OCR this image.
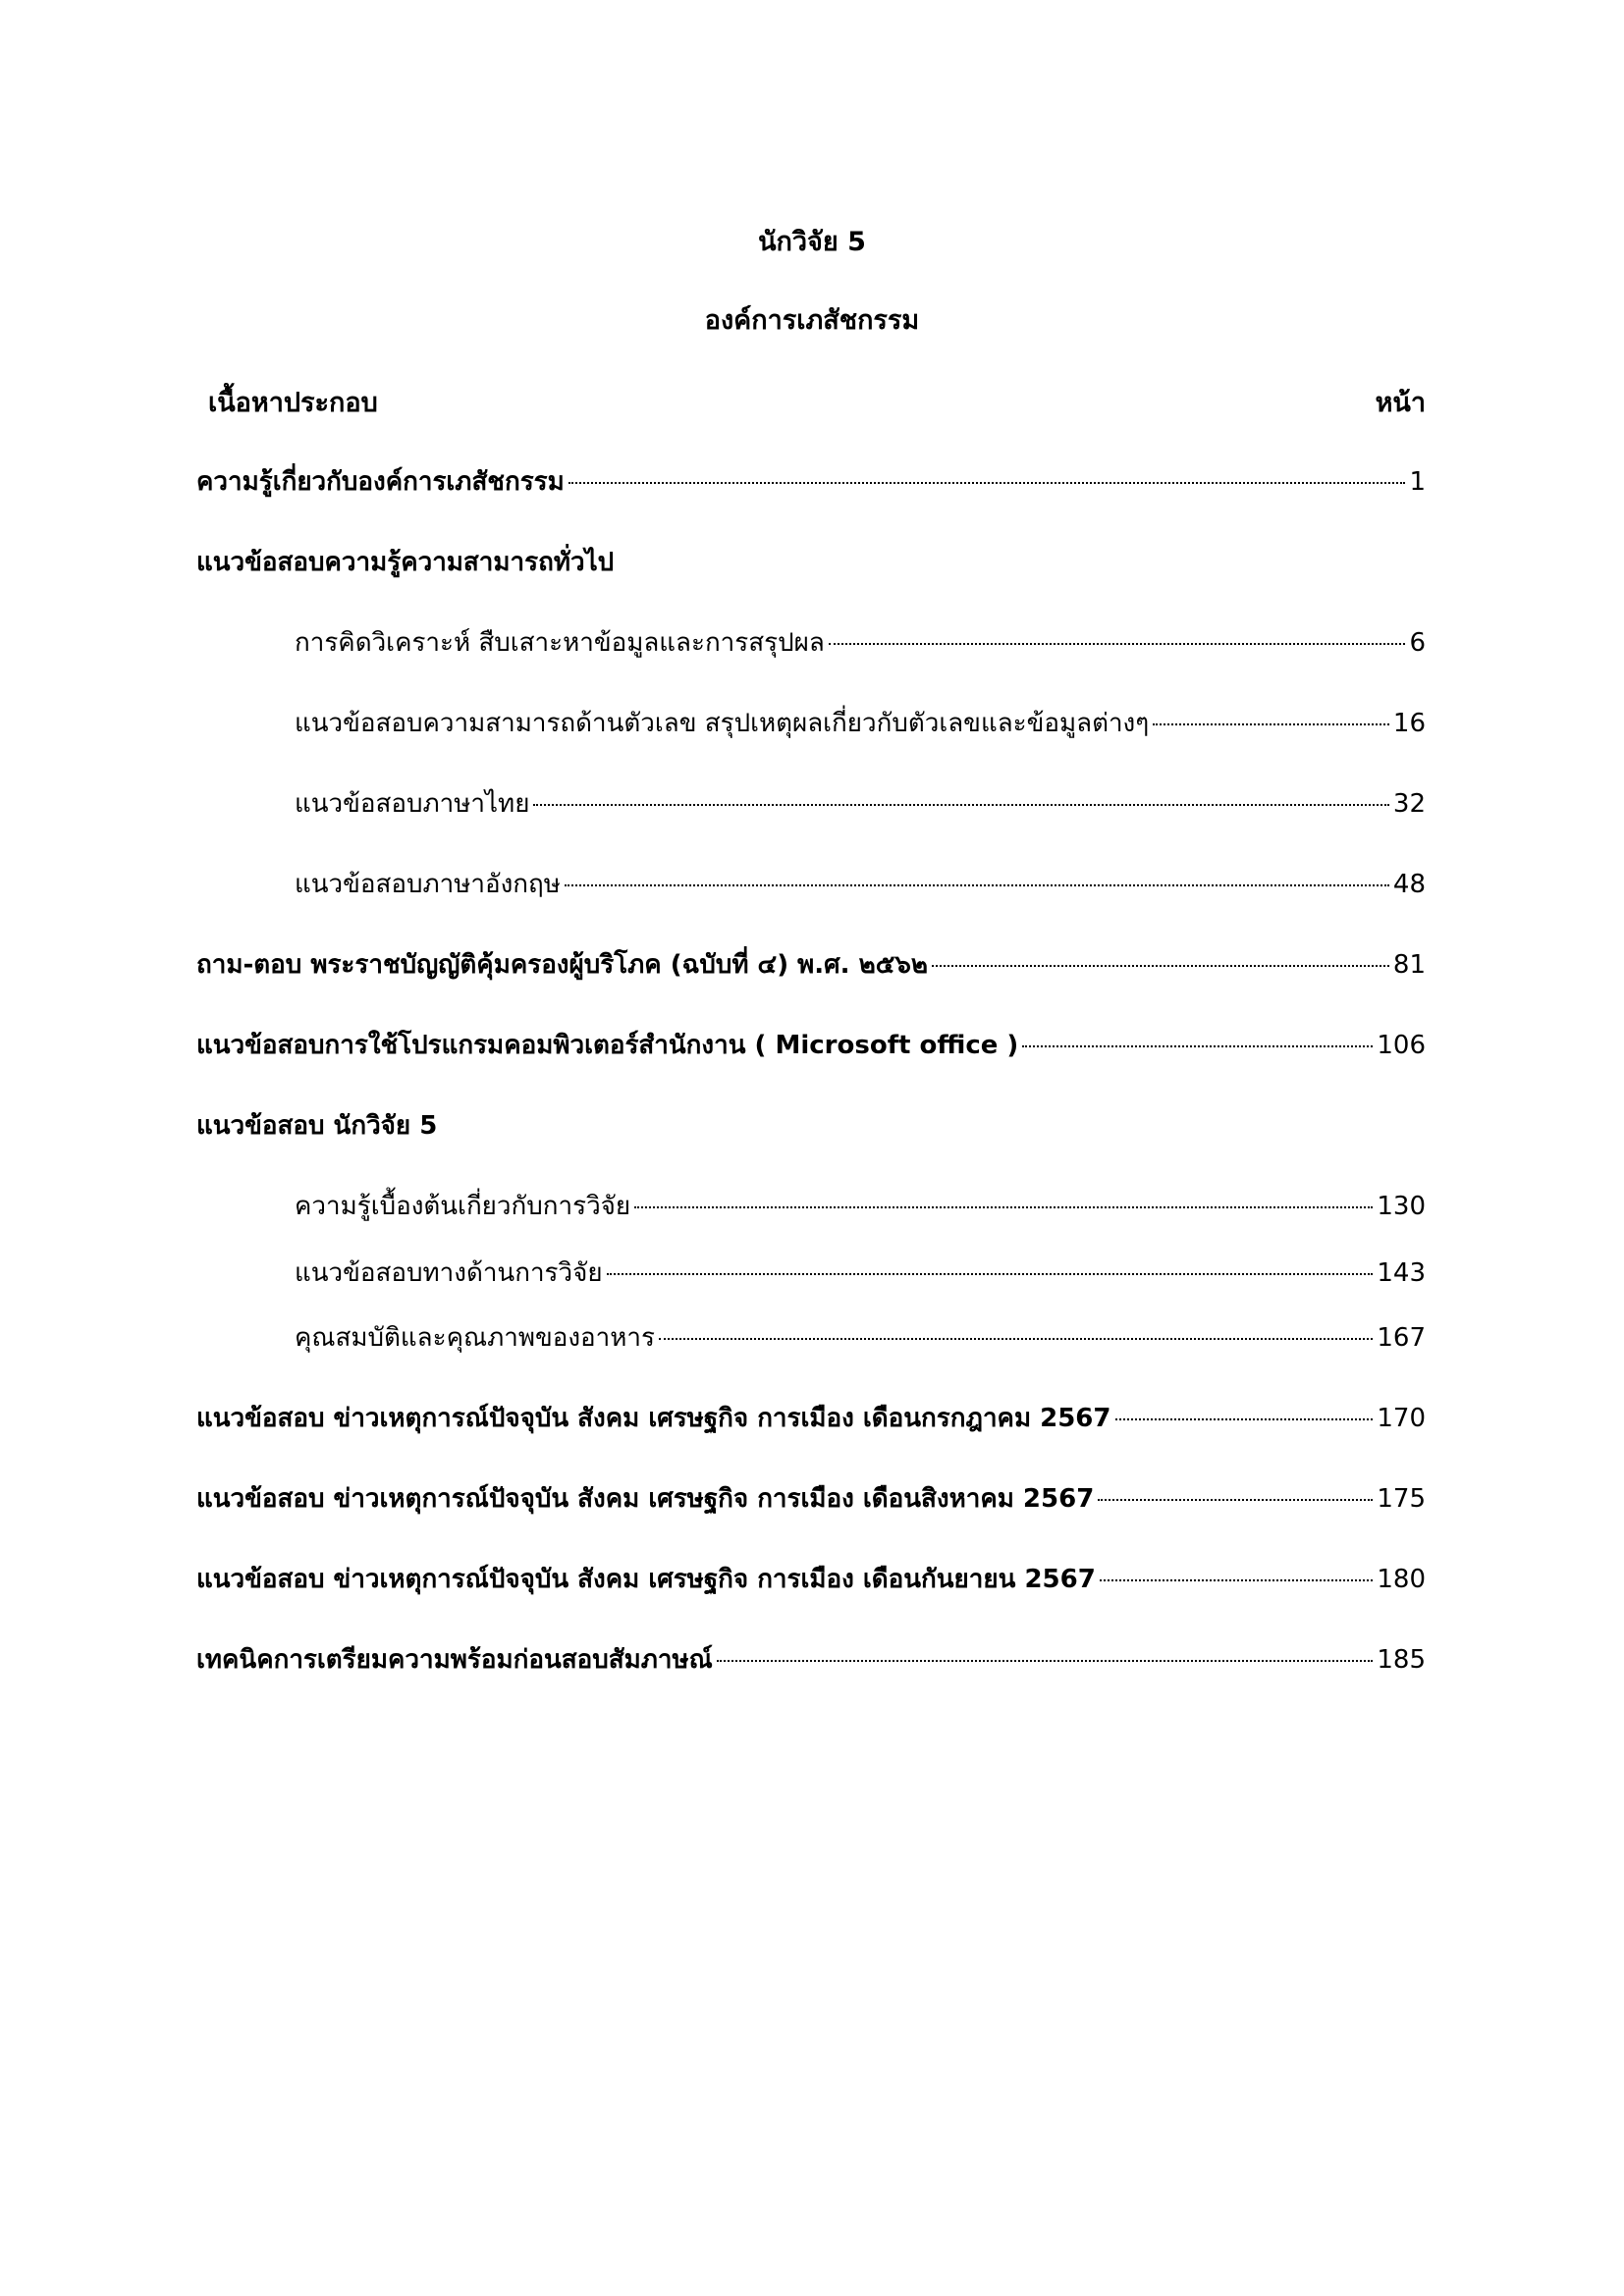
นักวิจัย 5
องค์การเภสัชกรรม
เนื้อหาประกอบ	หน้า
ความรู้เกี่ยวกับองค์การเภสัชกรรม	1
แนวข้อสอบความรู้ความสามารถทั่วไป
การคิดวิเคราะห์ สืบเสาะหาข้อมูลและการสรุปผล	6
แนวข้อสอบความสามารถด้านตัวเลข สรุปเหตุผลเกี่ยวกับตัวเลขและข้อมูลต่างๆ	16
แนวข้อสอบภาษาไทย	32
แนวข้อสอบภาษาอังกฤษ	48
ถาม-ตอบ พระราชบัญญัติคุ้มครองผู้บริโภค (ฉบับที่ ๔) พ.ศ. ๒๕๖๒	81
แนวข้อสอบการใช้โปรแกรมคอมพิวเตอร์สำนักงาน ( Microsoft office )	106
แนวข้อสอบ นักวิจัย 5
ความรู้เบื้องต้นเกี่ยวกับการวิจัย	130
แนวข้อสอบทางด้านการวิจัย	143
คุณสมบัติและคุณภาพของอาหาร	167
แนวข้อสอบ ข่าวเหตุการณ์ปัจจุบัน สังคม เศรษฐกิจ การเมือง เดือนกรกฎาคม 2567	170
แนวข้อสอบ ข่าวเหตุการณ์ปัจจุบัน สังคม เศรษฐกิจ การเมือง เดือนสิงหาคม 2567	175
แนวข้อสอบ ข่าวเหตุการณ์ปัจจุบัน สังคม เศรษฐกิจ การเมือง เดือนกันยายน 2567	180
เทคนิคการเตรียมความพร้อมก่อนสอบสัมภาษณ์	185
